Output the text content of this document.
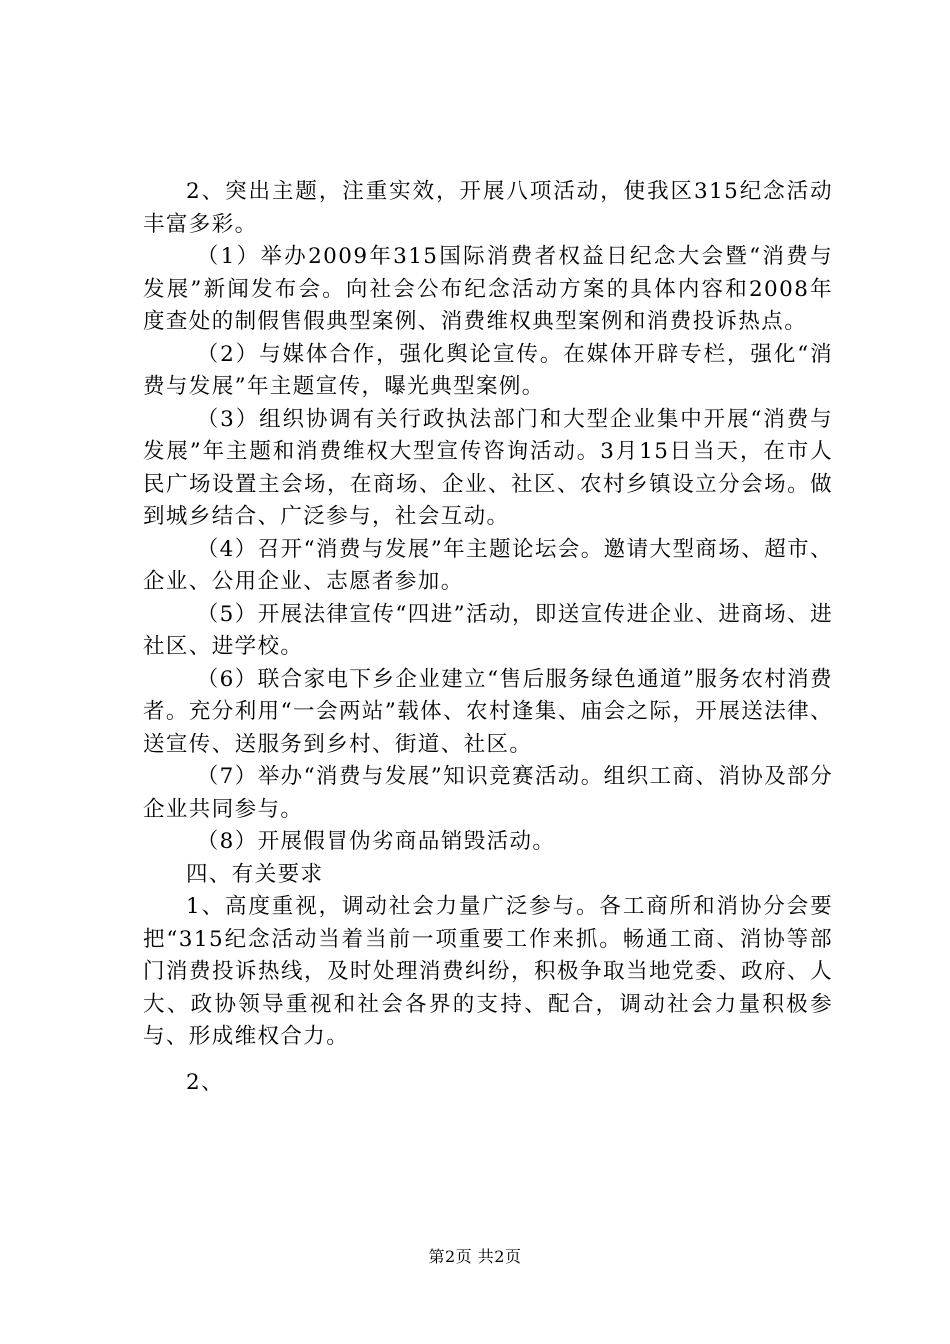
2、突出主题，注重实效，开展八项活动，使我区315纪念活动丰富多彩。

（1）举办2009年315国际消费者权益日纪念大会暨“消费与发展”新闻发布会。向社会公布纪念活动方案的具体内容和2008年度查处的制假售假典型案例、消费维权典型案例和消费投诉热点。

（2）与媒体合作，强化舆论宣传。在媒体开辟专栏，强化“消费与发展”年主题宣传，曝光典型案例。

（3）组织协调有关行政执法部门和大型企业集中开展“消费与发展”年主题和消费维权大型宣传咨询活动。3月15日当天，在市人民广场设置主会场，在商场、企业、社区、农村乡镇设立分会场。做到城乡结合、广泛参与，社会互动。

（4）召开“消费与发展”年主题论坛会。邀请大型商场、超市、企业、公用企业、志愿者参加。

（5）开展法律宣传“四进”活动，即送宣传进企业、进商场、进社区、进学校。

（6）联合家电下乡企业建立“售后服务绿色通道”服务农村消费者。充分利用“一会两站”载体、农村逢集、庙会之际，开展送法律、送宣传、送服务到乡村、街道、社区。

（7）举办“消费与发展”知识竞赛活动。组织工商、消协及部分企业共同参与。

（8）开展假冒伪劣商品销毁活动。

四、有关要求

1、高度重视，调动社会力量广泛参与。各工商所和消协分会要把“315纪念活动当着当前一项重要工作来抓。畅通工商、消协等部门消费投诉热线，及时处理消费纠纷，积极争取当地党委、政府、人大、政协领导重视和社会各界的支持、配合，调动社会力量积极参与、形成维权合力。

2、

第2页 共2页
